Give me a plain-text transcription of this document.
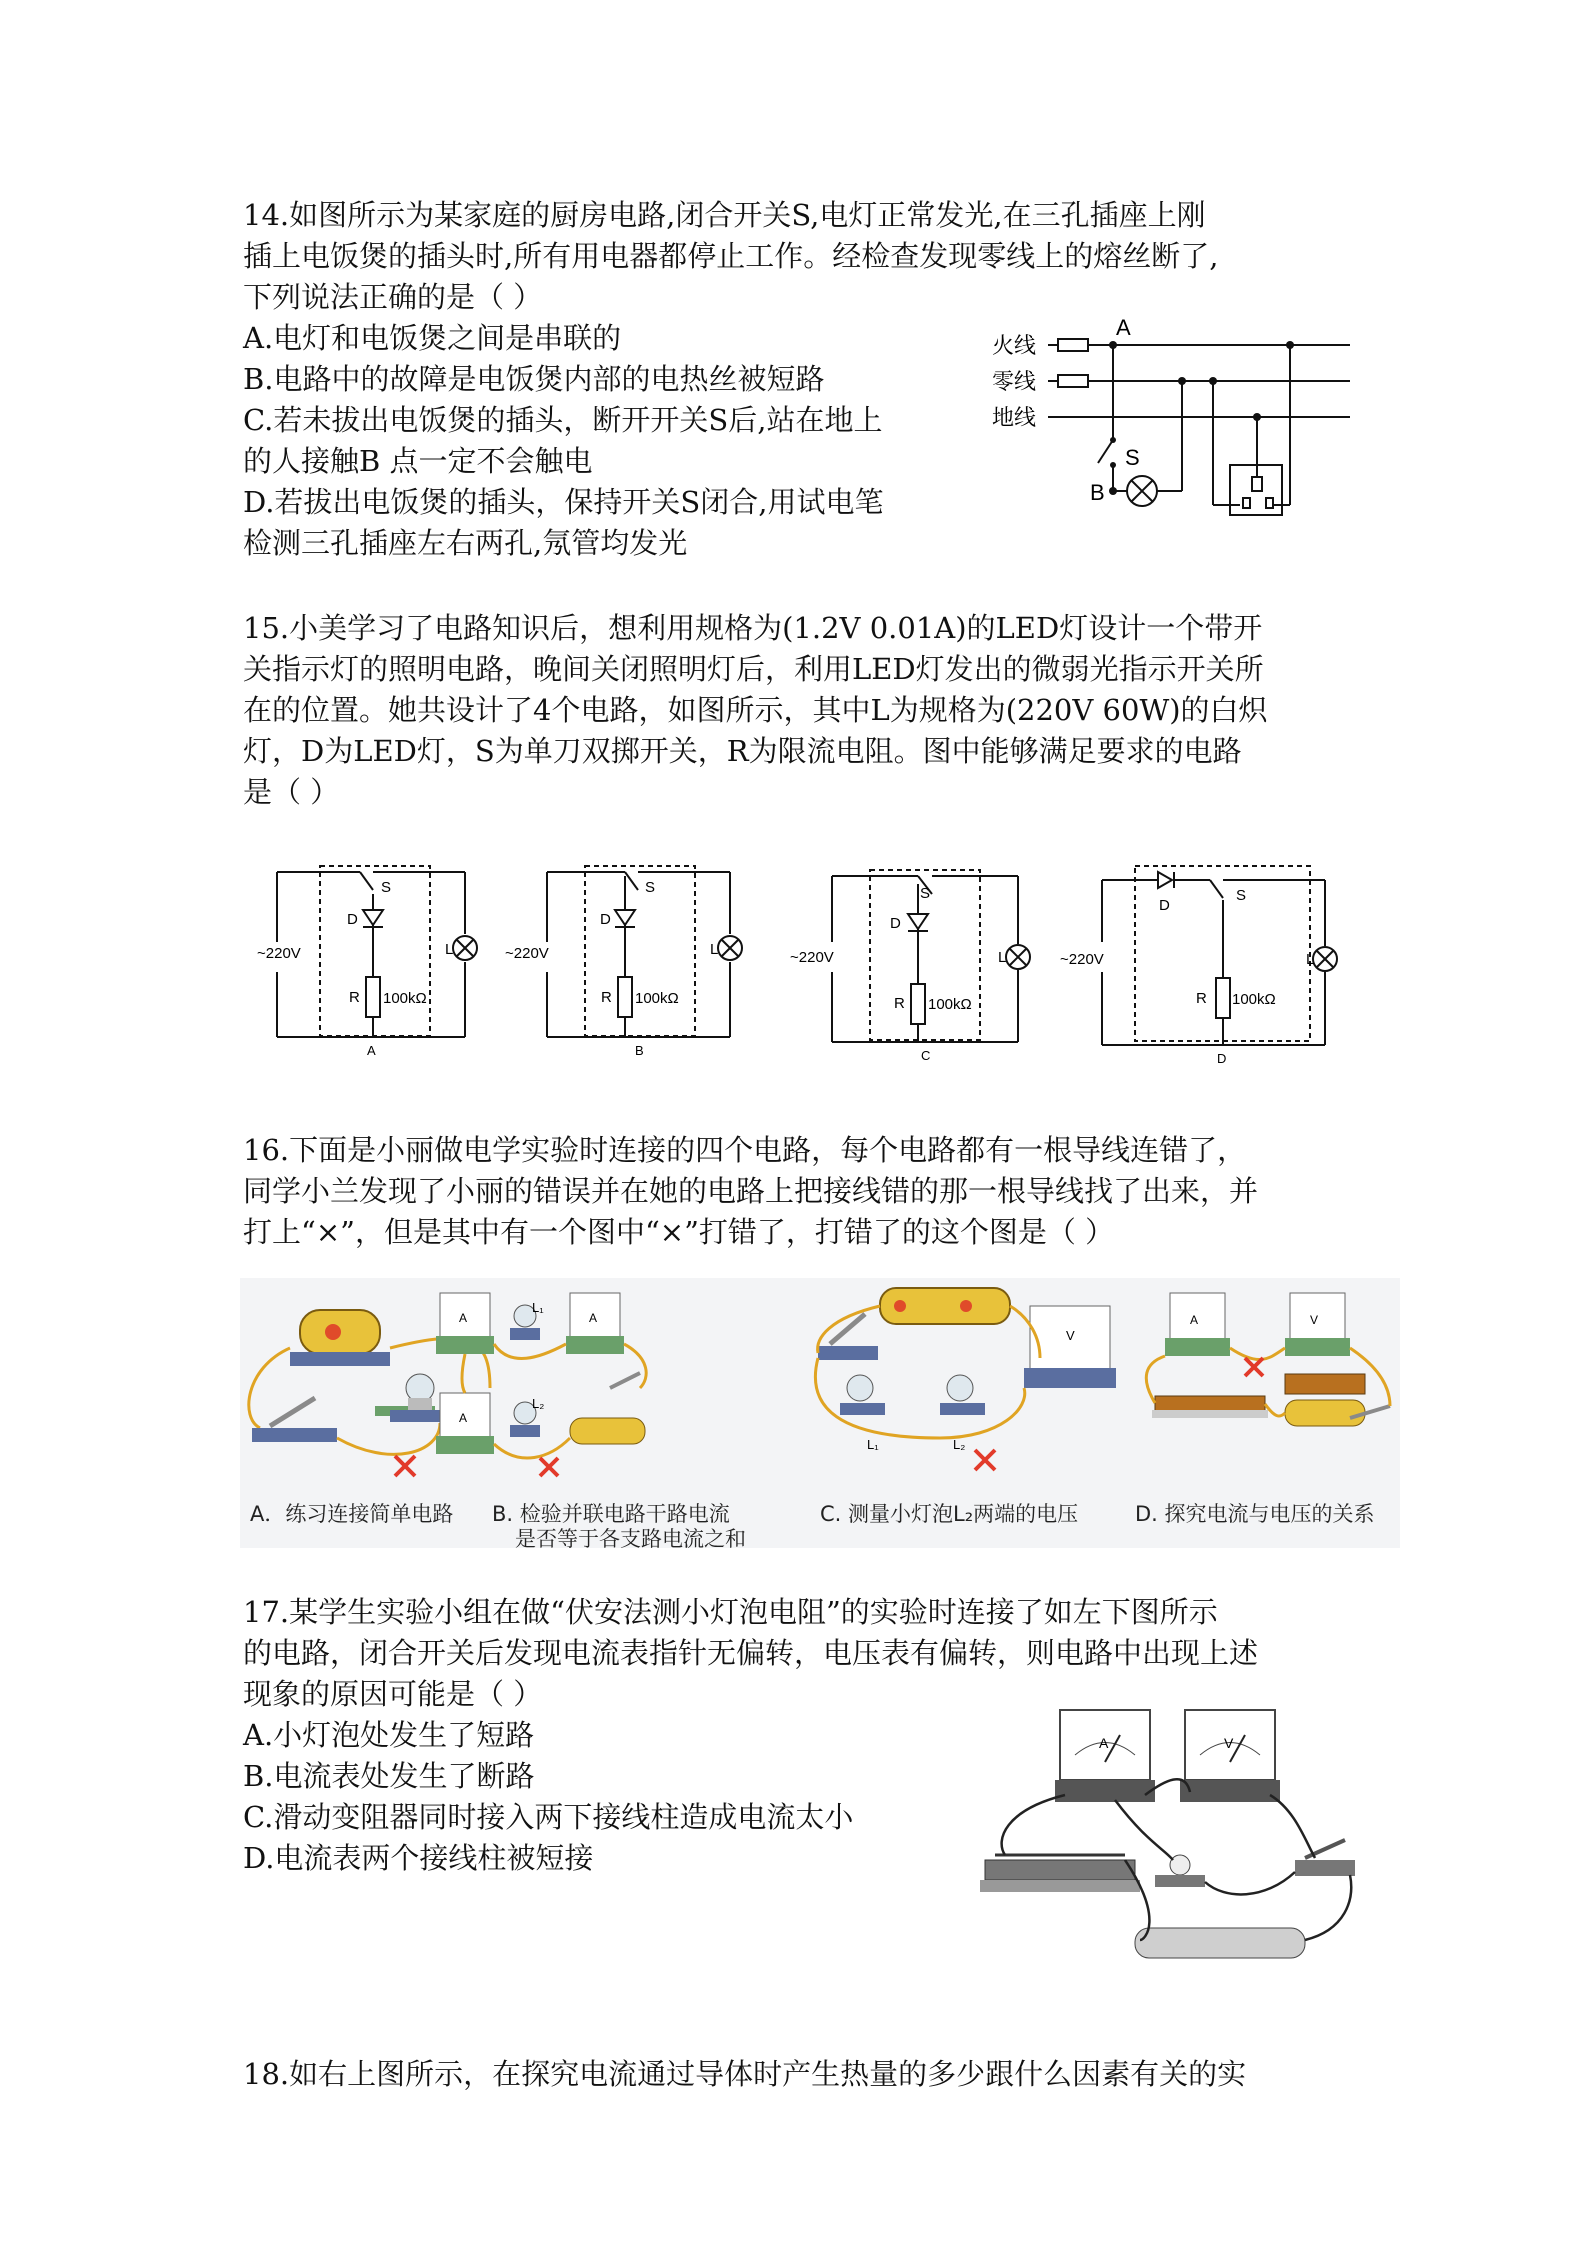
14.如图所示为某家庭的厨房电路,闭合开关S,电灯正常发光,在三孔插座上刚
插上电饭煲的插头时,所有用电器都停止工作。经检查发现零线上的熔丝断了,
下列说法正确的是（ ）
A.电灯和电饭煲之间是串联的
B.电路中的故障是电饭煲内部的电热丝被短路
C.若未拔出电饭煲的插头，断开开关S后,站在地上
的人接触B 点一定不会触电
D.若拔出电饭煲的插头，保持开关S闭合,用试电笔
检测三孔插座左右两孔,氖管均发光
火线
零线
地线
A
B
S
15.小美学习了电路知识后，想利用规格为(1.2V 0.01A)的LED灯设计一个带开
关指示灯的照明电路，晚间关闭照明灯后，利用LED灯发出的微弱光指示开关所
在的位置。她共设计了4个电路，如图所示，其中L为规格为(220V 60W)的白炽
灯，D为LED灯，S为单刀双掷开关，R为限流电阻。图中能够满足要求的电路
是（ ）
~220V
D
S
R 100kΩ
L
A
~220V
D
S
R 100kΩ
L
B
~220V
D
S
R 100kΩ
L
C
~220V
D
S
R 100kΩ
L
D
16.下面是小丽做电学实验时连接的四个电路，每个电路都有一根导线连错了，
同学小兰发现了小丽的错误并在她的电路上把接线错的那一根导线找了出来，并
打上“×”，但是其中有一个图中“×”打错了，打错了的这个图是（ ）
L₁
L₂
A
A
A
L₁	L₂
V
A	V
A．练习连接简单电路 B. 检验并联电路干路电流
是否等于各支路电流之和
C. 测量小灯泡L₂两端的电压	D. 探究电流与电压的关系
17.某学生实验小组在做“伏安法测小灯泡电阻”的实验时连接了如左下图所示
的电路，闭合开关后发现电流表指针无偏转，电压表有偏转，则电路中出现上述
现象的原因可能是（ ）
A.小灯泡处发生了短路
B.电流表处发生了断路
C.滑动变阻器同时接入两下接线柱造成电流太小
D.电流表两个接线柱被短接
A	V
18.如右上图所示，在探究电流通过导体时产生热量的多少跟什么因素有关的实
